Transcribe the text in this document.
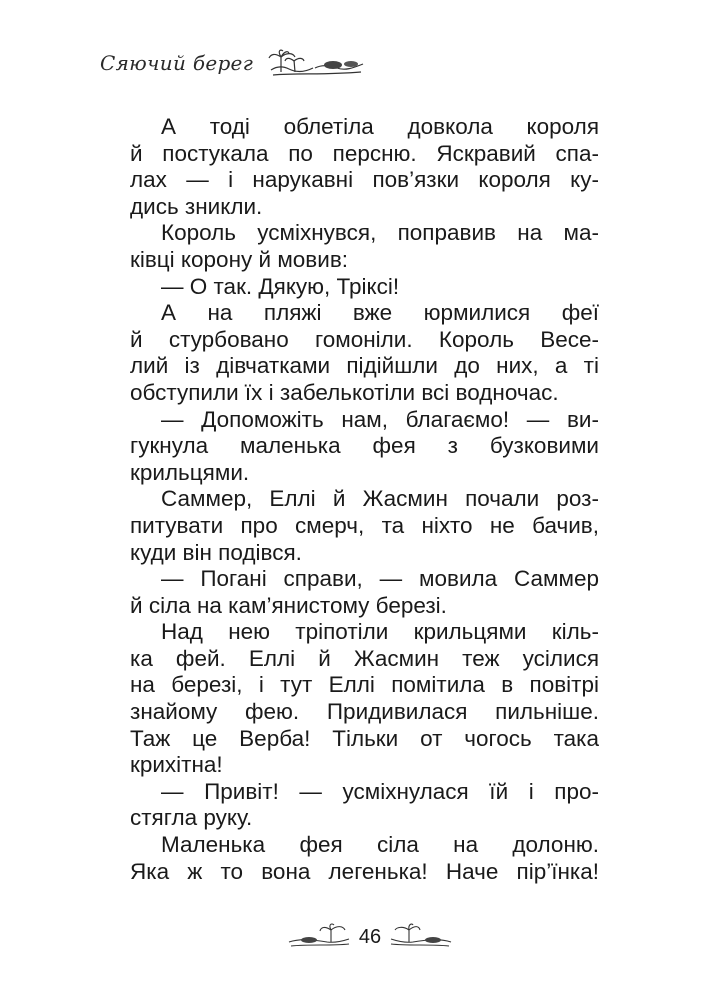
Сяючий берег
А тоді облетіла довкола короля
й постукала по персню. Яскравий спа-
лах — і нарукавні пов’язки короля ку-
дись зникли.
Король усміхнувся, поправив на ма-
ківці корону й мовив:
— О так. Дякую, Тріксі!
А на пляжі вже юрмилися феї
й стурбовано гомоніли. Король Весе-
лий із дівчатками підійшли до них, а ті
обступили їх і забелькотіли всі водночас.
— Допоможіть нам, благаємо! — ви-
гукнула маленька фея з бузковими
крильцями.
Саммер, Еллі й Жасмин почали роз-
питувати про смерч, та ніхто не бачив,
куди він подівся.
— Погані справи, — мовила Саммер
й сіла на кам’янистому березі.
Над нею тріпотіли крильцями кіль-
ка фей. Еллі й Жасмин теж усілися
на березі, і тут Еллі помітила в повітрі
знайому фею. Придивилася пильніше.
Таж це Верба! Тільки от чогось така
крихітна!
— Привіт! — усміхнулася їй і про-
стягла руку.
Маленька фея сіла на долоню.
Яка ж то вона легенька! Наче пір’їнка!
46
